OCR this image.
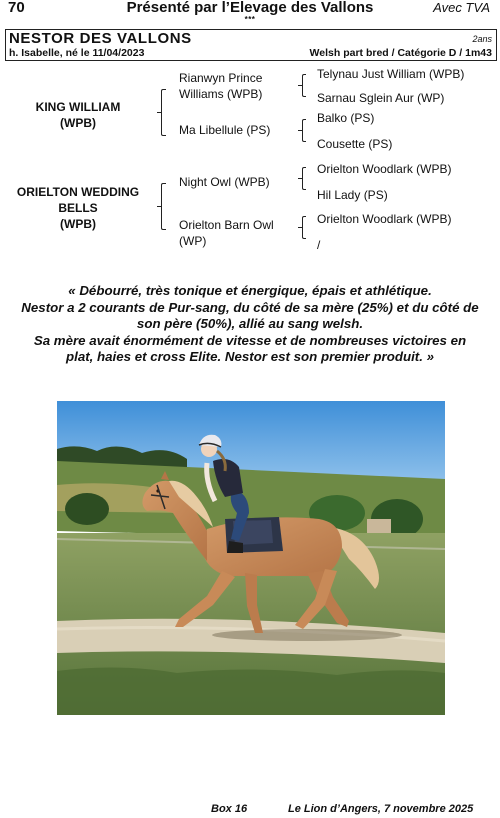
70	Présenté par l’Elevage des Vallons	Avec TVA
***
NESTOR DES VALLONS	2ans
h. Isabelle, né le 11/04/2023	Welsh part bred / Catégorie D / 1m43
KING WILLIAM
(WPB)
ORIELTON WEDDING
BELLS
(WPB)
Rianwyn Prince
Williams (WPB)
Ma Libellule (PS)
Night Owl (WPB)
Orielton Barn Owl
(WP)
Telynau Just William (WPB)
Sarnau Sglein Aur (WP)
Balko (PS)
Cousette (PS)
Orielton Woodlark (WPB)
Hil Lady (PS)
Orielton Woodlark (WPB)
/
« Débourré, très tonique et énergique, épais et athlétique.
Nestor a 2 courants de Pur-sang, du côté de sa mère (25%) et du côté de
son père (50%), allié au sang welsh.
Sa mère avait énormément de vitesse et de nombreuses victoires en
plat, haies et cross Elite. Nestor est son premier produit. »
Box 16	Le Lion d’Angers, 7 novembre 2025
